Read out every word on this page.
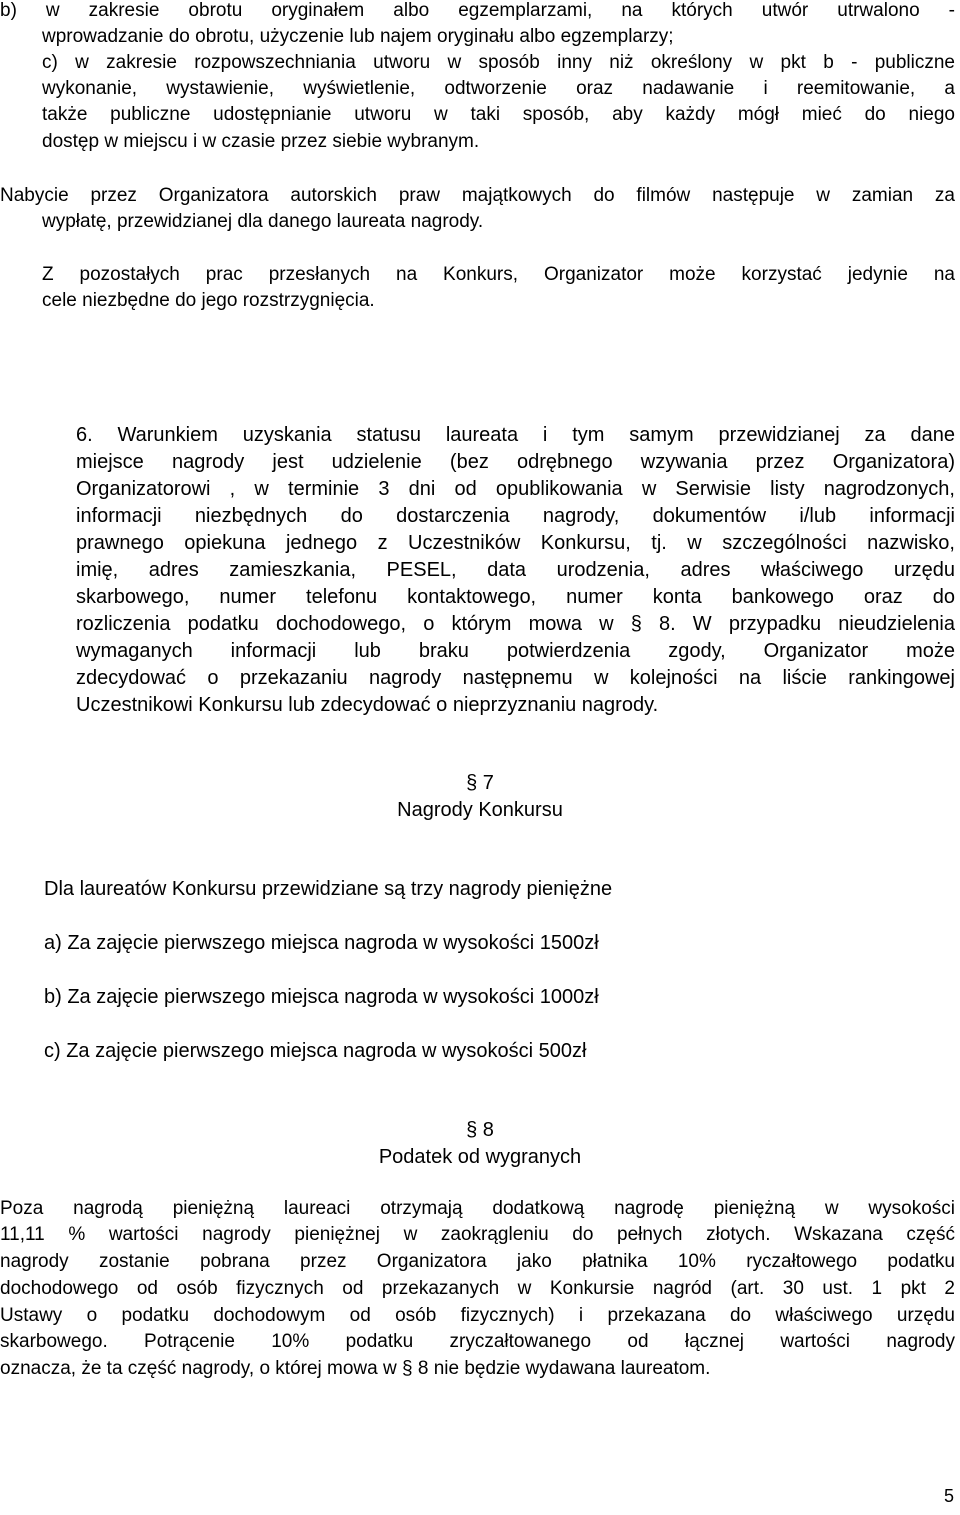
b) w zakresie obrotu oryginałem albo egzemplarzami, na których utwór utrwalono -
wprowadzanie do obrotu, użyczenie lub najem oryginału albo egzemplarzy;
c) w zakresie rozpowszechniania utworu w sposób inny niż określony w pkt b - publiczne
wykonanie, wystawienie, wyświetlenie, odtworzenie oraz nadawanie i reemitowanie, a
także publiczne udostępnianie utworu w taki sposób, aby każdy mógł mieć do niego
dostęp w miejscu i w czasie przez siebie wybranym.
Nabycie przez Organizatora autorskich praw majątkowych do filmów następuje w zamian za
wypłatę, przewidzianej dla danego laureata nagrody.
Z pozostałych prac przesłanych na Konkurs, Organizator może korzystać jedynie na
cele niezbędne do jego rozstrzygnięcia.
6. Warunkiem uzyskania statusu laureata i tym samym przewidzianej za dane
miejsce nagrody jest udzielenie (bez odrębnego wzywania przez Organizatora)
Organizatorowi , w terminie 3 dni od opublikowania w Serwisie listy nagrodzonych,
informacji niezbędnych do dostarczenia nagrody, dokumentów i/lub informacji
prawnego opiekuna jednego z Uczestników Konkursu, tj. w szczególności nazwisko,
imię, adres zamieszkania, PESEL, data urodzenia, adres właściwego urzędu
skarbowego, numer telefonu kontaktowego, numer konta bankowego oraz do
rozliczenia podatku dochodowego, o którym mowa w § 8. W przypadku nieudzielenia
wymaganych informacji lub braku potwierdzenia zgody, Organizator może
zdecydować o przekazaniu nagrody następnemu w kolejności na liście rankingowej
Uczestnikowi Konkursu lub zdecydować o nieprzyznaniu nagrody.
§ 7
Nagrody Konkursu
Dla laureatów Konkursu przewidziane są trzy nagrody pieniężne
a) Za zajęcie pierwszego miejsca nagroda w wysokości 1500zł
b) Za zajęcie pierwszego miejsca nagroda w wysokości 1000zł
c) Za zajęcie pierwszego miejsca nagroda w wysokości 500zł
§ 8
Podatek od wygranych
Poza nagrodą pieniężną laureaci otrzymają dodatkową nagrodę pieniężną w wysokości
11,11 % wartości nagrody pieniężnej w zaokrągleniu do pełnych złotych. Wskazana część
nagrody zostanie pobrana przez Organizatora jako płatnika 10% ryczałtowego podatku
dochodowego od osób fizycznych od przekazanych w Konkursie nagród (art. 30 ust. 1 pkt 2
Ustawy o podatku dochodowym od osób fizycznych) i przekazana do właściwego urzędu
skarbowego. Potrącenie 10% podatku zryczałtowanego od łącznej wartości nagrody
oznacza, że ta część nagrody, o której mowa w § 8 nie będzie wydawana laureatom.
5
